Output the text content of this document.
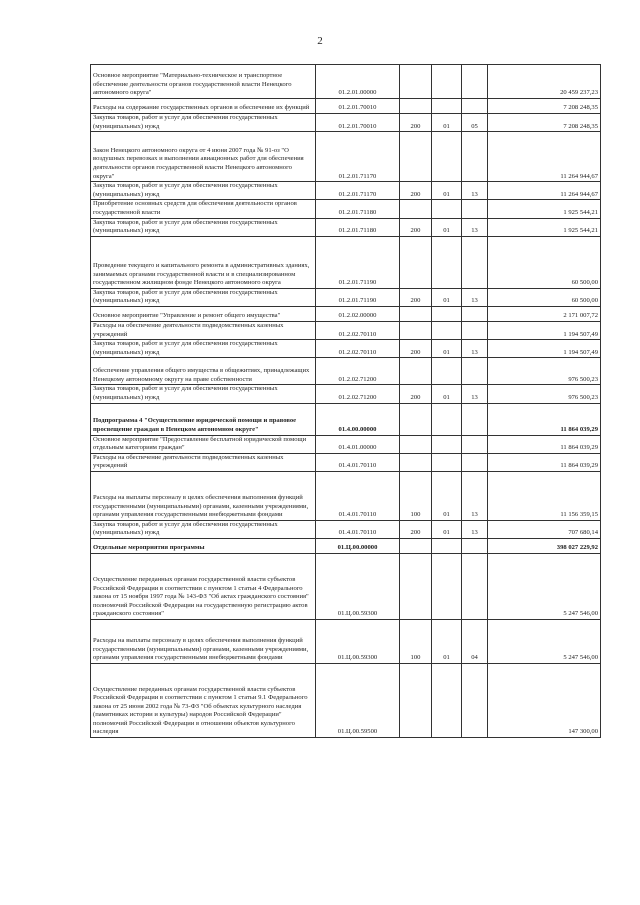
2
Основное мероприятие "Материально-техническое и транспортное обеспечение деятельности органов государственной власти Ненецкого автономного округа"	01.2.01.00000				20 459 237,23
Расходы на содержание государственных органов и обеспечение их функций	01.2.01.70010				7 208 248,35
Закупка товаров, работ и услуг для обеспечения государственных (муниципальных) нужд	01.2.01.70010	200	01	05	7 208 248,35
Закон Ненецкого автономного округа от 4 июня 2007 года № 91-оз "О воздушных перевозках и выполнении авиационных работ для обеспечения деятельности органов государственной власти Ненецкого автономного округа"	01.2.01.71170				11 264 944,67
Закупка товаров, работ и услуг для обеспечения государственных (муниципальных) нужд	01.2.01.71170	200	01	13	11 264 944,67
Приобретение основных средств для обеспечения деятельности органов государственной власти	01.2.01.71180				1 925 544,21
Закупка товаров, работ и услуг для обеспечения государственных (муниципальных) нужд	01.2.01.71180	200	01	13	1 925 544,21
Проведение текущего и капитального ремонта в административных зданиях, занимаемых органами государственной власти и в специализированном государственном жилищном фонде Ненецкого автономного округа	01.2.01.71190				60 500,00
Закупка товаров, работ и услуг для обеспечения государственных (муниципальных) нужд	01.2.01.71190	200	01	13	60 500,00
Основное мероприятие "Управление и ремонт общего имущества"	01.2.02.00000				2 171 007,72
Расходы на обеспечение деятельности подведомственных казенных учреждений	01.2.02.70110				1 194 507,49
Закупка товаров, работ и услуг для обеспечения государственных (муниципальных) нужд	01.2.02.70110	200	01	13	1 194 507,49
Обеспечение управления общего имущества в общежитиях, принадлежащих Ненецкому автономному округу на праве собственности	01.2.02.71200				976 500,23
Закупка товаров, работ и услуг для обеспечения государственных (муниципальных) нужд	01.2.02.71200	200	01	13	976 500,23
Подпрограмма 4 "Осуществление юридической помощи и правовое просвещение граждан в Ненецком автономном округе"	01.4.00.00000				11 864 039,29
Основное мероприятие "Предоставление бесплатной юридической помощи отдельным категориям граждан"	01.4.01.00000				11 864 039,29
Расходы на обеспечение деятельности подведомственных казенных учреждений	01.4.01.70110				11 864 039,29
Расходы на выплаты персоналу в целях обеспечения выполнения функций государственными (муниципальными) органами, казенными учреждениями, органами управления государственными внебюджетными фондами	01.4.01.70110	100	01	13	11 156 359,15
Закупка товаров, работ и услуг для обеспечения государственных (муниципальных) нужд	01.4.01.70110	200	01	13	707 680,14
Отдельные мероприятия программы	01.Ц.00.00000				398 027 229,92
Осуществление переданных органам государственной власти субъектов Российской Федерации в соответствии с пунктом 1 статьи 4 Федерального закона от 15 ноября 1997 года № 143-ФЗ "Об актах гражданского состояния" полномочий Российской Федерации на государственную регистрацию актов гражданского состояния"	01.Ц.00.59300				5 247 546,00
Расходы на выплаты персоналу в целях обеспечения выполнения функций государственными (муниципальными) органами, казенными учреждениями, органами управления государственными внебюджетными фондами	01.Ц.00.59300	100	01	04	5 247 546,00
Осуществление переданных органам государственной власти субъектов Российской Федерации в соответствии с пунктом 1 статьи 9.1 Федерального закона от 25 июня 2002 года № 73-ФЗ "Об объектах культурного наследия (памятниках истории и культуры) народов Российской Федерации" полномочий Российской Федерации в отношении объектов культурного наследия	01.Ц.00.59500				147 300,00
